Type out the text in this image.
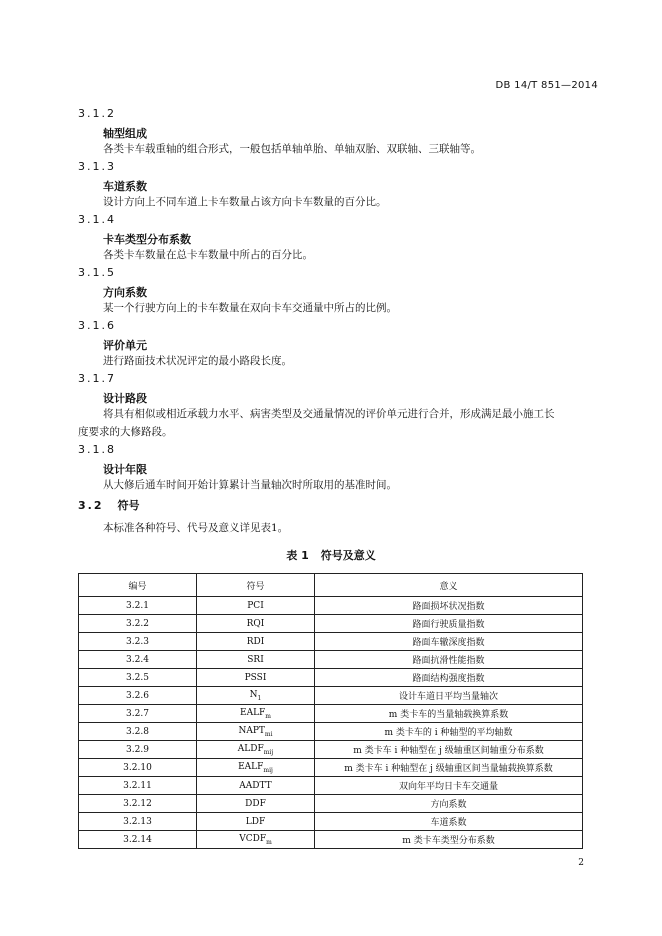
DB 14/T 851—2014
3.1.2
轴型组成
各类卡车载重轴的组合形式，一般包括单轴单胎、单轴双胎、双联轴、三联轴等。
3.1.3
车道系数
设计方向上不同车道上卡车数量占该方向卡车数量的百分比。
3.1.4
卡车类型分布系数
各类卡车数量在总卡车数量中所占的百分比。
3.1.5
方向系数
某一个行驶方向上的卡车数量在双向卡车交通量中所占的比例。
3.1.6
评价单元
进行路面技术状况评定的最小路段长度。
3.1.7
设计路段
将具有相似或相近承载力水平、病害类型及交通量情况的评价单元进行合并，形成满足最小施工长
度要求的大修路段。
3.1.8
设计年限
从大修后通车时间开始计算累计当量轴次时所取用的基准时间。
3.2 符号
本标准各种符号、代号及意义详见表1。
表 1 符号及意义
编号	符号	意义
3.2.1	PCI	路面损坏状况指数
3.2.2	RQI	路面行驶质量指数
3.2.3	RDI	路面车辙深度指数
3.2.4	SRI	路面抗滑性能指数
3.2.5	PSSI	路面结构强度指数
3.2.6	$N_1$	设计车道日平均当量轴次
3.2.7	$EALF_m$	m 类卡车的当量轴载换算系数
3.2.8	$NAPT_{mi}$	m 类卡车的 i 种轴型的平均轴数
3.2.9	$ALDF_{mij}$	m 类卡车 i 种轴型在 j 级轴重区间轴重分布系数
3.2.10	$EALF_{mij}$	m 类卡车 i 种轴型在 j 级轴重区间当量轴载换算系数
3.2.11	AADTT	双向年平均日卡车交通量
3.2.12	DDF	方向系数
3.2.13	LDF	车道系数
3.2.14	$VCDF_m$	m 类卡车类型分布系数
2
